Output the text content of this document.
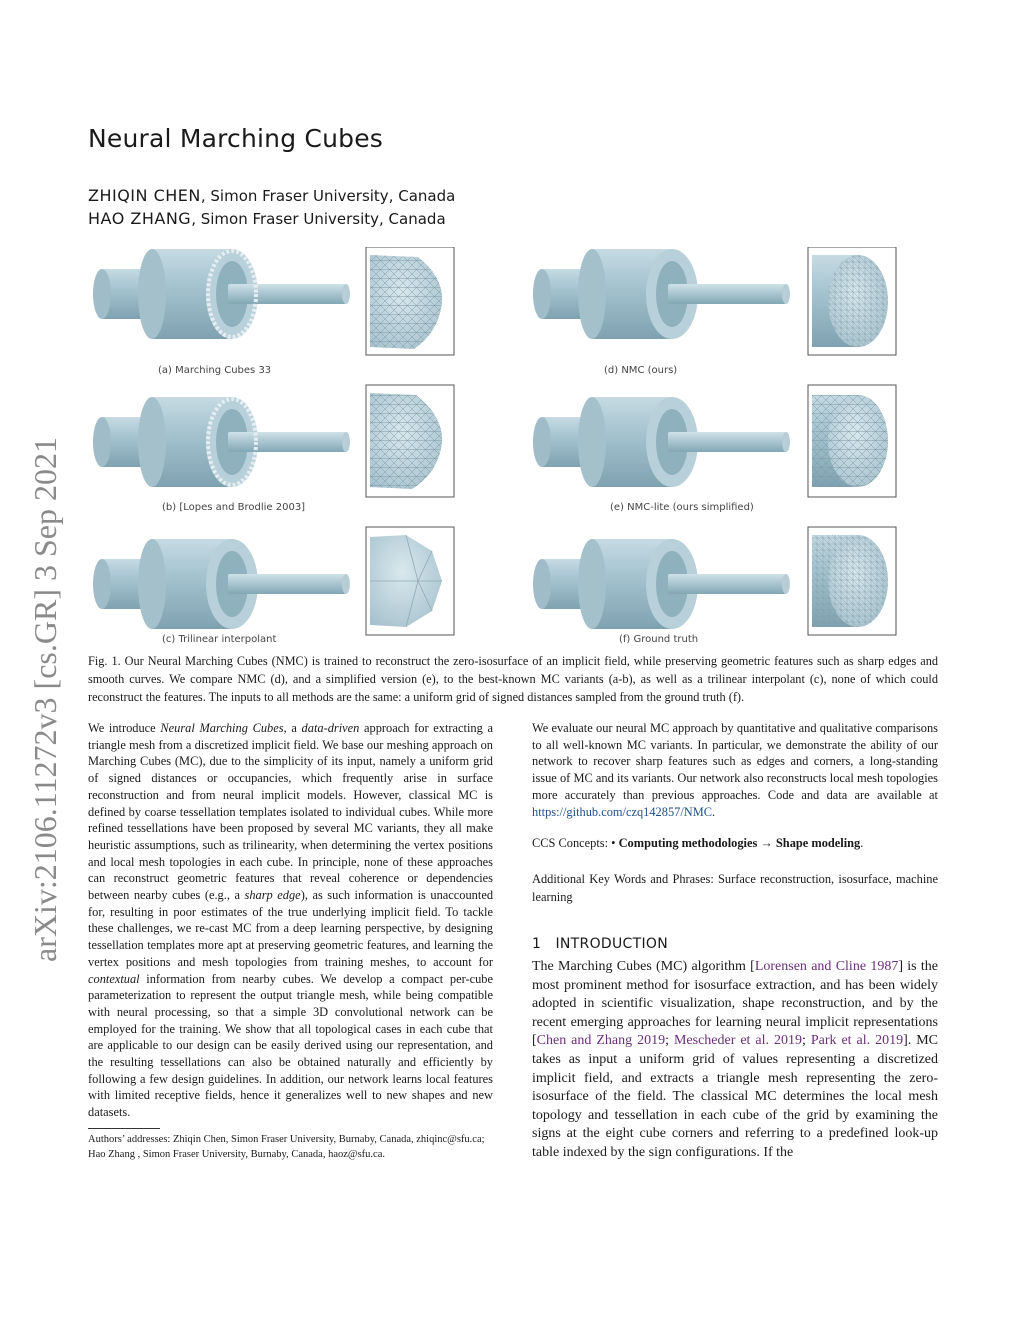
arXiv:2106.11272v3 [cs.GR] 3 Sep 2021
Neural Marching Cubes
ZHIQIN CHEN, Simon Fraser University, Canada
HAO ZHANG, Simon Fraser University, Canada
(a) Marching Cubes 33
(b) [Lopes and Brodlie 2003]
(c) Trilinear interpolant
(d) NMC (ours)
(e) NMC-lite (ours simplified)
(f) Ground truth
Fig. 1. Our Neural Marching Cubes (NMC) is trained to reconstruct the zero-isosurface of an implicit field, while preserving geometric features such as sharp edges and smooth curves. We compare NMC (d), and a simplified version (e), to the best-known MC variants (a-b), as well as a trilinear interpolant (c), none of which could reconstruct the features. The inputs to all methods are the same: a uniform grid of signed distances sampled from the ground truth (f).
We introduce Neural Marching Cubes, a data-driven approach for extracting a triangle mesh from a discretized implicit field. We base our meshing approach on Marching Cubes (MC), due to the simplicity of its input, namely a uniform grid of signed distances or occupancies, which frequently arise in surface reconstruction and from neural implicit models. However, classical MC is defined by coarse tessellation templates isolated to individual cubes. While more refined tessellations have been proposed by several MC variants, they all make heuristic assumptions, such as trilinearity, when determining the vertex positions and local mesh topologies in each cube. In principle, none of these approaches can reconstruct geometric features that reveal coherence or dependencies between nearby cubes (e.g., a sharp edge), as such information is unaccounted for, resulting in poor estimates of the true underlying implicit field. To tackle these challenges, we re-cast MC from a deep learning perspective, by designing tessellation templates more apt at preserving geometric features, and learning the vertex positions and mesh topologies from training meshes, to account for contextual information from nearby cubes. We develop a compact per-cube parameterization to represent the output triangle mesh, while being compatible with neural processing, so that a simple 3D convolutional network can be employed for the training. We show that all topological cases in each cube that are applicable to our design can be easily derived using our representation, and the resulting tessellations can also be obtained naturally and efficiently by following a few design guidelines. In addition, our network learns local features with limited receptive fields, hence it generalizes well to new shapes and new datasets.
We evaluate our neural MC approach by quantitative and qualitative comparisons to all well-known MC variants. In particular, we demonstrate the ability of our network to recover sharp features such as edges and corners, a long-standing issue of MC and its variants. Our network also reconstructs local mesh topologies more accurately than previous approaches. Code and data are available at https://github.com/czq142857/NMC.
CCS Concepts: • Computing methodologies → Shape modeling.
Additional Key Words and Phrases: Surface reconstruction, isosurface, machine learning
1 INTRODUCTION
The Marching Cubes (MC) algorithm [Lorensen and Cline 1987] is the most prominent method for isosurface extraction, and has been widely adopted in scientific visualization, shape reconstruction, and by the recent emerging approaches for learning neural implicit representations [Chen and Zhang 2019; Mescheder et al. 2019; Park et al. 2019]. MC takes as input a uniform grid of values representing a discretized implicit field, and extracts a triangle mesh representing the zero-isosurface of the field. The classical MC determines the local mesh topology and tessellation in each cube of the grid by examining the signs at the eight cube corners and referring to a predefined look-up table indexed by the sign configurations. If the
Authors’ addresses: Zhiqin Chen, Simon Fraser University, Burnaby, Canada, zhiqinc@sfu.ca; Hao Zhang , Simon Fraser University, Burnaby, Canada, haoz@sfu.ca.
